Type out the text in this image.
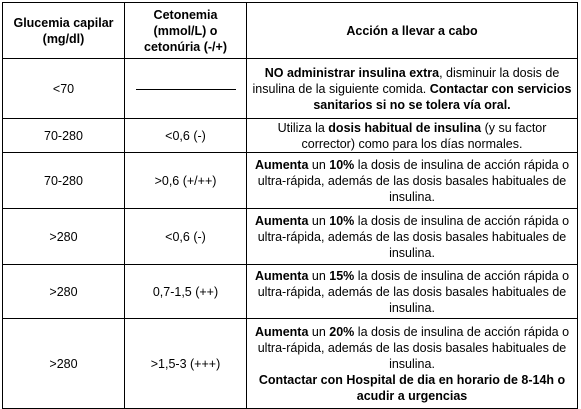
Glucemia capilar (mg/dl)	Cetonemia (mmol/L) o cetonúria (-/+)	Acción a llevar a cabo
<70		NO administrar insulina extra, disminuir la dosis de insulina de la siguiente comida. Contactar con servicios sanitarios si no se tolera vía oral.
70-280	<0,6 (-)	Utiliza la dosis habitual de insulina (y su factor corrector) como para los días normales.
70-280	>0,6 (+/++)	Aumenta un 10% la dosis de insulina de acción rápida o ultra-rápida, además de las dosis basales habituales de insulina.
>280	<0,6 (-)	Aumenta un 10% la dosis de insulina de acción rápida o ultra-rápida, además de las dosis basales habituales de insulina.
>280	0,7-1,5 (++)	Aumenta un 15% la dosis de insulina de acción rápida o ultra-rápida, además de las dosis basales habituales de insulina.
>280	>1,5-3 (+++)	Aumenta un 20% la dosis de insulina de acción rápida o ultra-rápida, además de las dosis basales habituales de insulina.
Contactar con Hospital de dia en horario de 8-14h o acudir a urgencias
